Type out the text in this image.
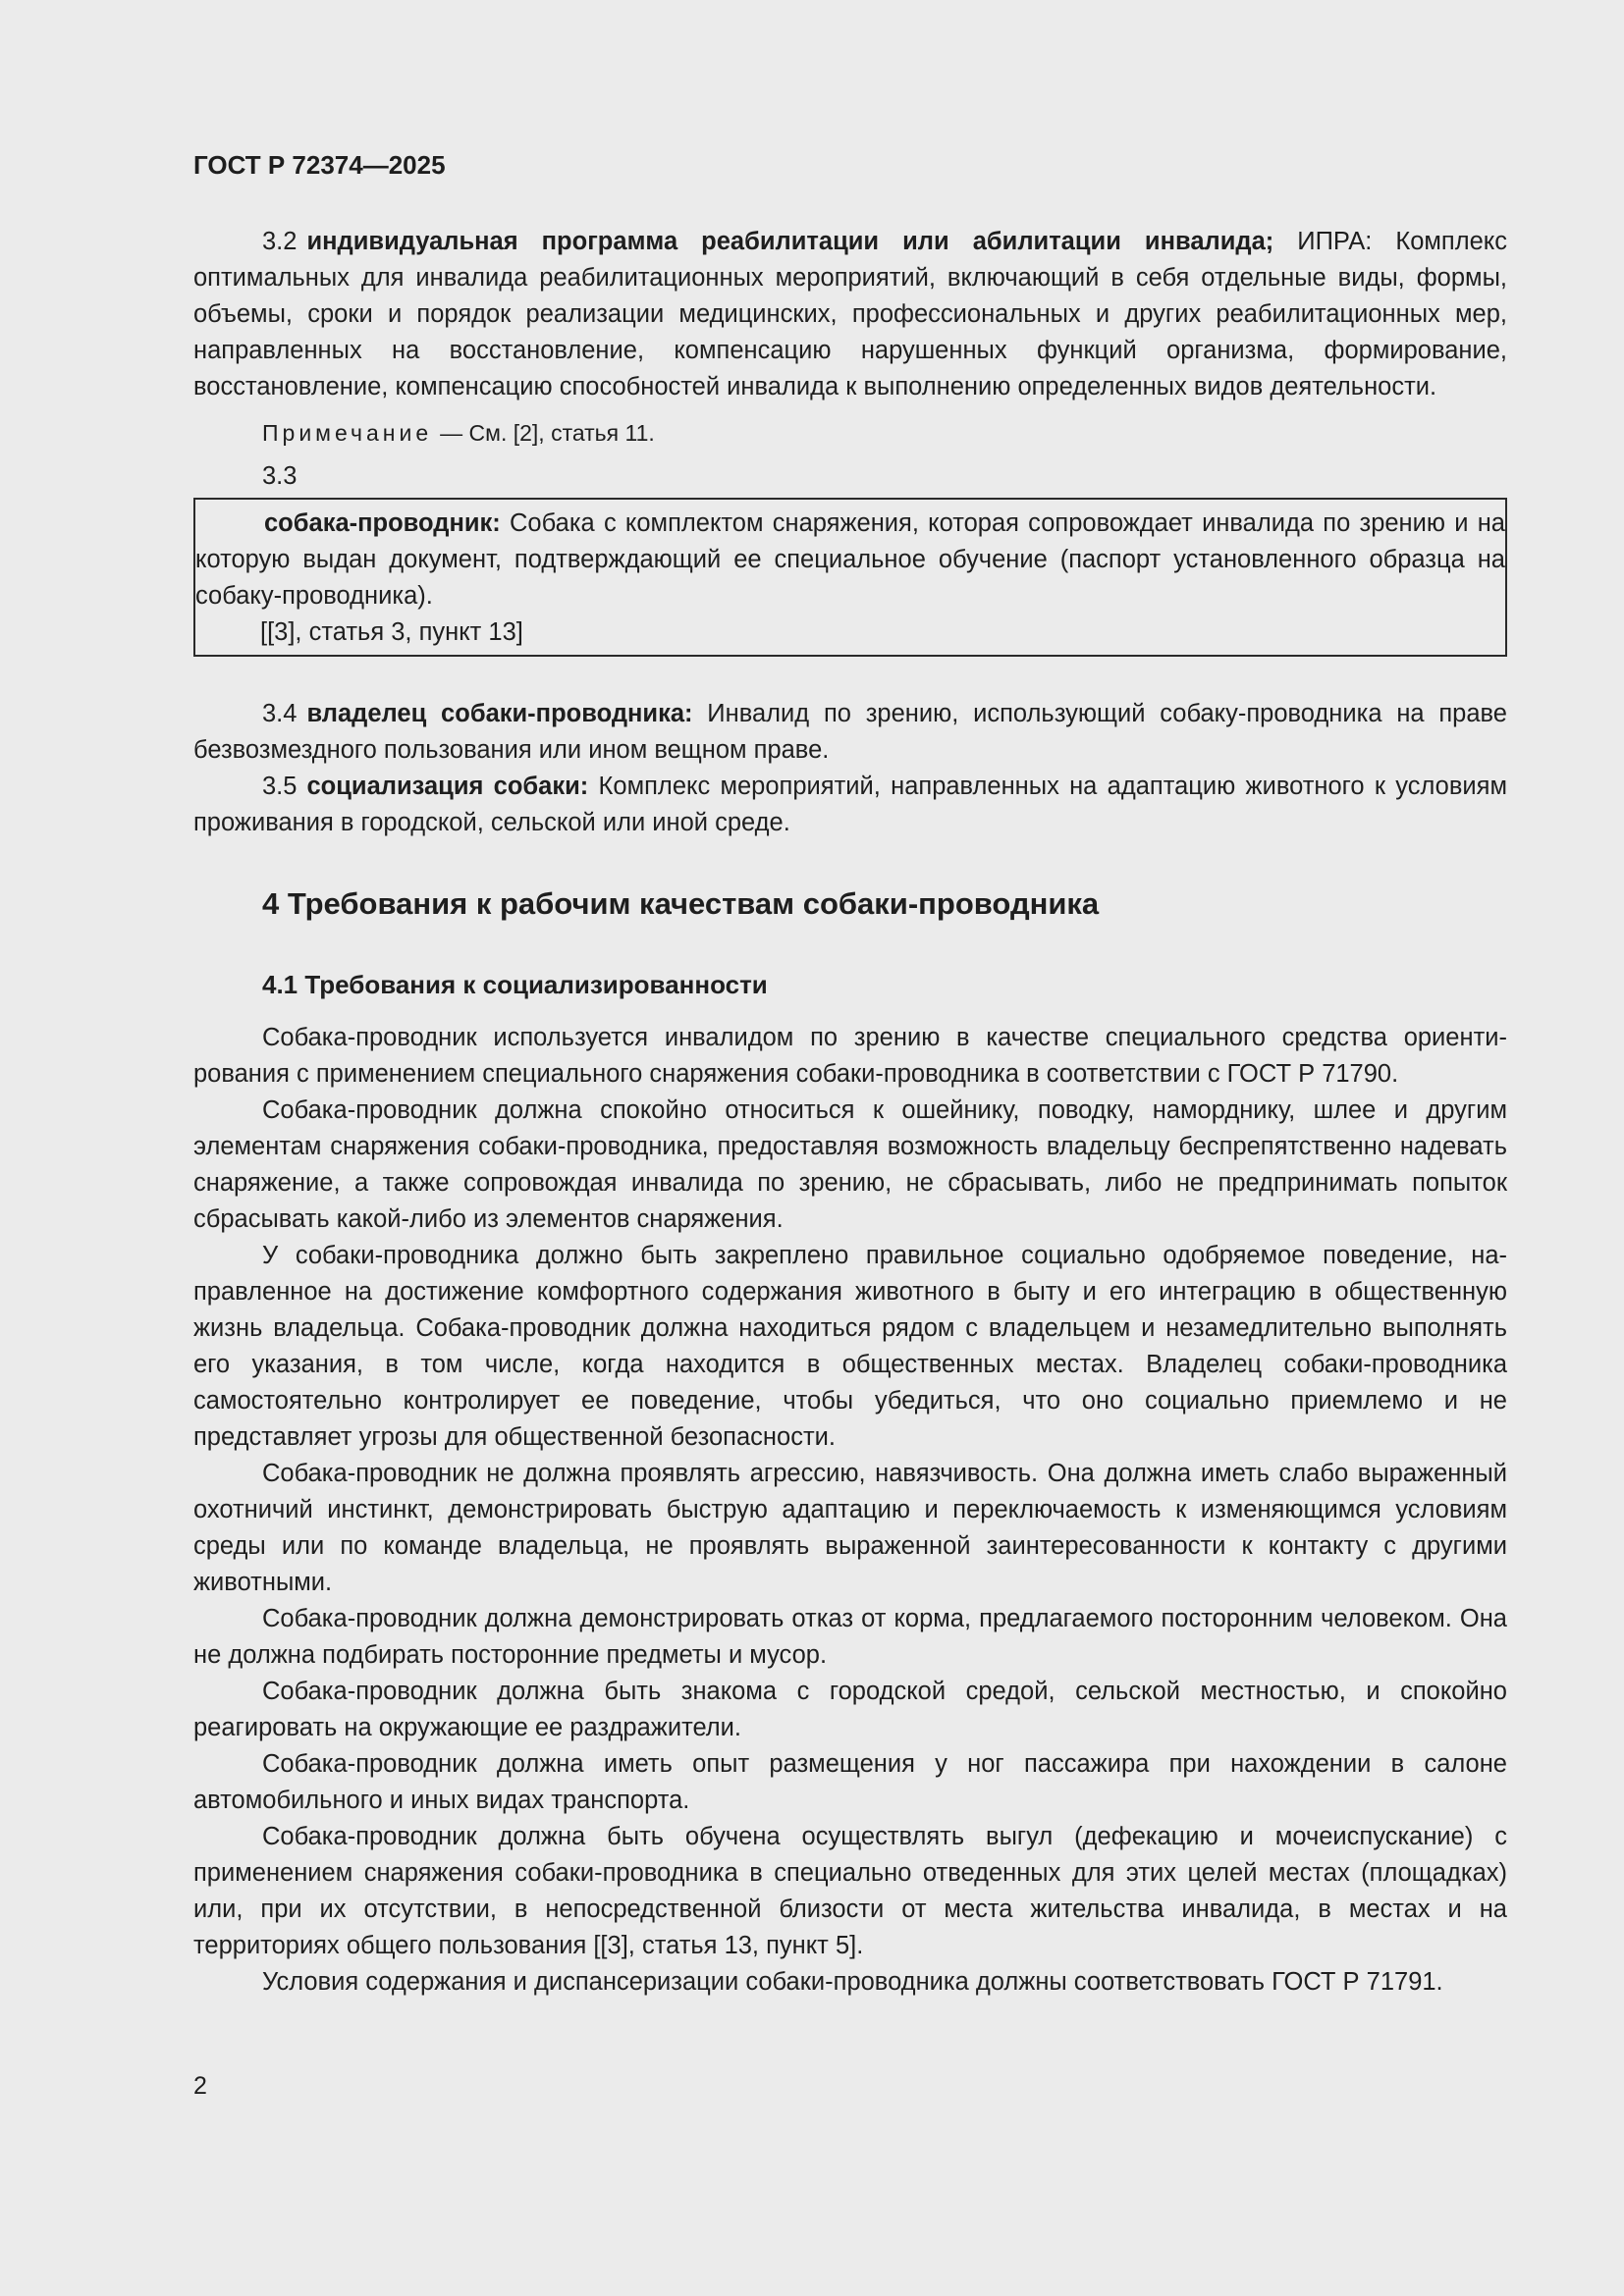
ГОСТ Р 72374—2025

3.2 индивидуальная программа реабилитации или абилитации инвалида; ИПРА: Комплекс оптимальных для инвалида реабилитационных мероприятий, включающий в себя отдельные виды, формы, объемы, сроки и порядок реализации медицинских, профессиональных и других реабилитационных мер, направленных на восстановление, компенсацию нарушенных функций организма, формирование, восстановление, компенсацию способностей инвалида к выполнению определенных видов деятельности.

Примечание — См. [2], статья 11.

3.3

собака-проводник: Собака с комплектом снаряжения, которая сопровождает инвалида по зрению и на которую выдан документ, подтверждающий ее специальное обучение (паспорт установленного образца на собаку-проводника).

[[3], статья 3, пункт 13]

3.4 владелец собаки-проводника: Инвалид по зрению, использующий собаку-проводника на праве безвозмездного пользования или ином вещном праве.

3.5 социализация собаки: Комплекс мероприятий, направленных на адаптацию животного к условиям проживания в городской, сельской или иной среде.

4 Требования к рабочим качествам собаки-проводника
4.1 Требования к социализированности

Собака-проводник используется инвалидом по зрению в качестве специального средства ориентирования с применением специального снаряжения собаки-проводника в соответствии с ГОСТ Р 71790.

Собака-проводник должна спокойно относиться к ошейнику, поводку, наморднику, шлее и другим элементам снаряжения собаки-проводника, предоставляя возможность владельцу беспрепятственно надевать снаряжение, а также сопровождая инвалида по зрению, не сбрасывать, либо не предпринимать попыток сбрасывать какой-либо из элементов снаряжения.

У собаки-проводника должно быть закреплено правильное социально одобряемое поведение, направленное на достижение комфортного содержания животного в быту и его интеграцию в общественную жизнь владельца. Собака-проводник должна находиться рядом с владельцем и незамедлительно выполнять его указания, в том числе, когда находится в общественных местах. Владелец собаки-проводника самостоятельно контролирует ее поведение, чтобы убедиться, что оно социально приемлемо и не представляет угрозы для общественной безопасности.

Собака-проводник не должна проявлять агрессию, навязчивость. Она должна иметь слабо выраженный охотничий инстинкт, демонстрировать быструю адаптацию и переключаемость к изменяющимся условиям среды или по команде владельца, не проявлять выраженной заинтересованности к контакту с другими животными.

Собака-проводник должна демонстрировать отказ от корма, предлагаемого посторонним человеком. Она не должна подбирать посторонние предметы и мусор.

Собака-проводник должна быть знакома с городской средой, сельской местностью, и спокойно реагировать на окружающие ее раздражители.

Собака-проводник должна иметь опыт размещения у ног пассажира при нахождении в салоне автомобильного и иных видах транспорта.

Собака-проводник должна быть обучена осуществлять выгул (дефекацию и мочеиспускание) с применением снаряжения собаки-проводника в специально отведенных для этих целей местах (площадках) или, при их отсутствии, в непосредственной близости от места жительства инвалида, в местах и на территориях общего пользования [[3], статья 13, пункт 5].

Условия содержания и диспансеризации собаки-проводника должны соответствовать ГОСТ Р 71791.

2
